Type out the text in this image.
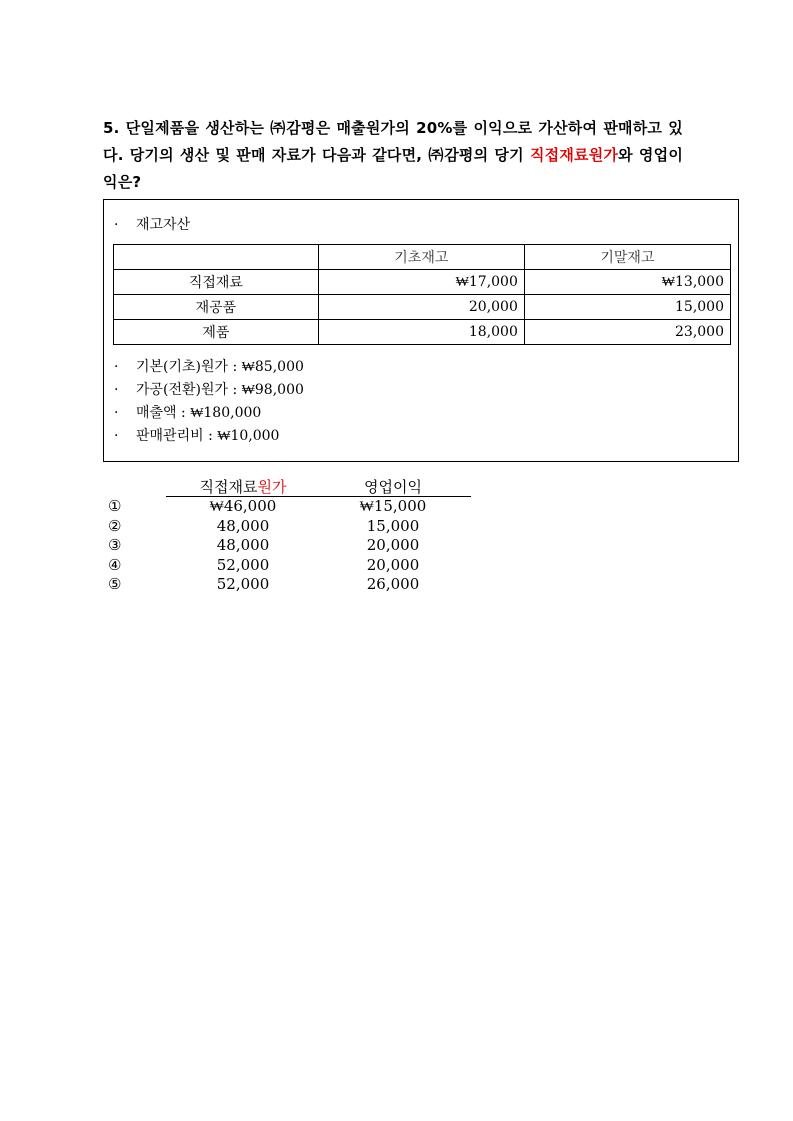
5. 단일제품을 생산하는 ㈜감평은 매출원가의 20%를 이익으로 가산하여 판매하고 있다. 당기의 생산 및 판매 자료가 다음과 같다면, ㈜감평의 당기 직접재료원가와 영업이익은?

· 재고자산
	기초재고	기말재고
직접재료	₩17,000	₩13,000
재공품	20,000	15,000
제품	18,000	23,000
· 기본(기초)원가 : ₩85,000
· 가공(전환)원가 : ₩98,000
· 매출액 : ₩180,000
· 판매관리비 : ₩10,000
직접재료원가	영업이익
①	₩46,000	₩15,000
②	48,000	15,000
③	48,000	20,000
④	52,000	20,000
⑤	52,000	26,000
